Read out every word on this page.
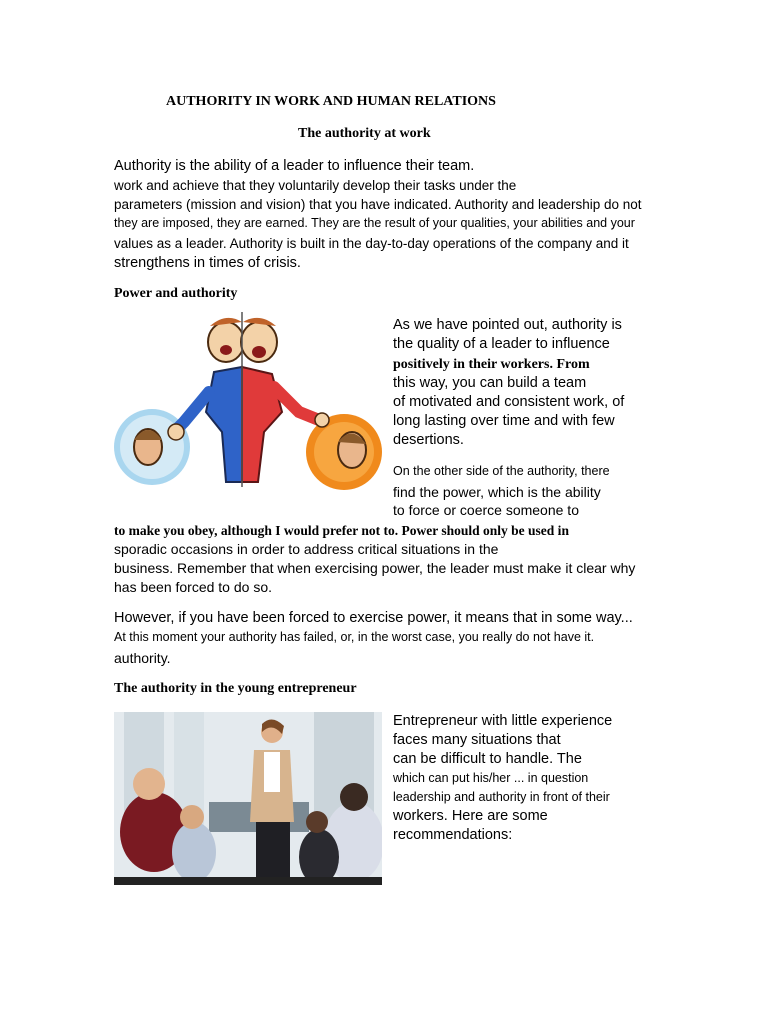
AUTHORITY IN WORK AND HUMAN RELATIONS
The authority at work
Authority is the ability of a leader to influence their team.
work and achieve that they voluntarily develop their tasks under the
parameters (mission and vision) that you have indicated. Authority and leadership do not
they are imposed, they are earned. They are the result of your qualities, your abilities and your
values as a leader. Authority is built in the day-to-day operations of the company and it
strengthens in times of crisis.
Power and authority
As we have pointed out, authority is
the quality of a leader to influence
positively in their workers. From
this way, you can build a team
of motivated and consistent work, of
long lasting over time and with few
desertions.
On the other side of the authority, there
find the power, which is the ability
to force or coerce someone to
to make you obey, although I would prefer not to. Power should only be used in
sporadic occasions in order to address critical situations in the
business. Remember that when exercising power, the leader must make it clear why
has been forced to do so.
However, if you have been forced to exercise power, it means that in some way...
At this moment your authority has failed, or, in the worst case, you really do not have it.
authority.
The authority in the young entrepreneur
Entrepreneur with little experience
faces many situations that
can be difficult to handle. The
which can put his/her ... in question
leadership and authority in front of their
workers. Here are some
recommendations:
